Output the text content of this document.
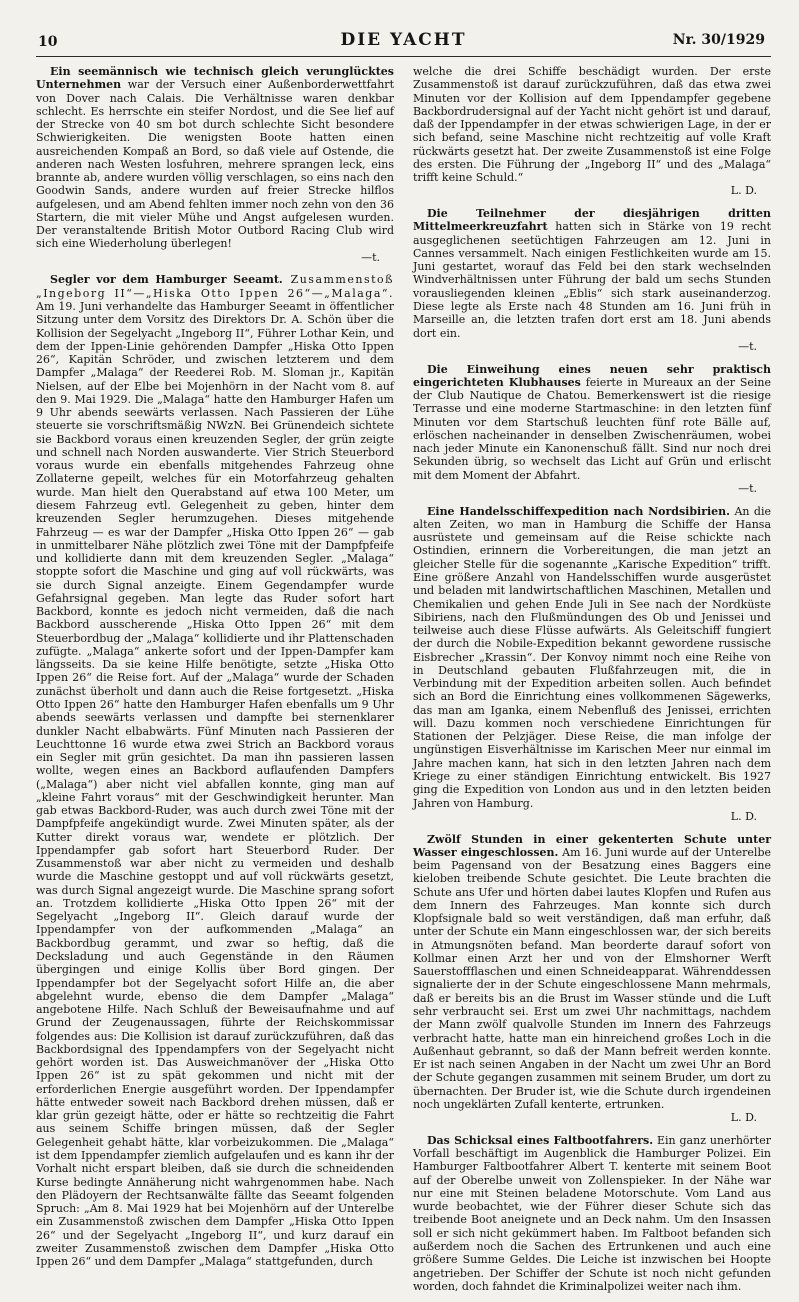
10	DIE YACHT	Nr. 30/1929

Ein seemännisch wie technisch gleich verunglücktes Unternehmen war der Versuch einer Außenborderwettfahrt von Dover nach Calais. Die Verhältnisse waren denkbar schlecht. Es herrschte ein steifer Nordost, und die See lief auf der Strecke von 40 sm bot durch schlechte Sicht besondere Schwierigkeiten. Die wenigsten Boote hatten einen ausreichenden Kompaß an Bord, so daß viele auf Ostende, die anderen nach Westen losfuhren, mehrere sprangen leck, eins brannte ab, andere wurden völlig verschlagen, so eins nach den Goodwin Sands, andere wurden auf freier Strecke hilflos aufgelesen, und am Abend fehlten immer noch zehn von den 36 Startern, die mit vieler Mühe und Angst aufgelesen wurden. Der veranstaltende British Motor Outbord Racing Club wird sich eine Wiederholung überlegen!

—t.

Segler vor dem Hamburger Seeamt. Zusammenstoß „Ingeborg II“—„Hiska Otto Ippen 26“—„Malaga“. Am 19. Juni verhandelte das Hamburger Seeamt in öffentlicher Sitzung unter dem Vorsitz des Direktors Dr. A. Schön über die Kollision der Segelyacht „Ingeborg II“, Führer Lothar Kein, und dem der Ippen-Linie gehörenden Dampfer „Hiska Otto Ippen 26“, Kapitän Schröder, und zwischen letzterem und dem Dampfer „Malaga“ der Reederei Rob. M. Sloman jr., Kapitän Nielsen, auf der Elbe bei Mojenhörn in der Nacht vom 8. auf den 9. Mai 1929. Die „Malaga“ hatte den Hamburger Hafen um 9 Uhr abends seewärts verlassen. Nach Passieren der Lühe steuerte sie vorschriftsmäßig NWzN. Bei Grünendeich sichtete sie Backbord voraus einen kreuzenden Segler, der grün zeigte und schnell nach Norden auswanderte. Vier Strich Steuerbord voraus wurde ein ebenfalls mitgehendes Fahrzeug ohne Zollaterne gepeilt, welches für ein Motorfahrzeug gehalten wurde. Man hielt den Querabstand auf etwa 100 Meter, um diesem Fahrzeug evtl. Gelegenheit zu geben, hinter dem kreuzenden Segler herumzugehen. Dieses mitgehende Fahrzeug — es war der Dampfer „Hiska Otto Ippen 26“ — gab in unmittelbarer Nähe plötzlich zwei Töne mit der Dampfpfeife und kollidierte dann mit dem kreuzenden Segler. „Malaga“ stoppte sofort die Maschine und ging auf voll rückwärts, was sie durch Signal anzeigte. Einem Gegendampfer wurde Gefahrsignal gegeben. Man legte das Ruder sofort hart Backbord, konnte es jedoch nicht vermeiden, daß die nach Backbord ausscherende „Hiska Otto Ippen 26“ mit dem Steuerbordbug der „Malaga“ kollidierte und ihr Plattenschaden zufügte. „Malaga“ ankerte sofort und der Ippen-Dampfer kam längsseits. Da sie keine Hilfe benötigte, setzte „Hiska Otto Ippen 26“ die Reise fort. Auf der „Malaga“ wurde der Schaden zunächst überholt und dann auch die Reise fortgesetzt. „Hiska Otto Ippen 26“ hatte den Hamburger Hafen ebenfalls um 9 Uhr abends seewärts verlassen und dampfte bei sternenklarer dunkler Nacht elbabwärts. Fünf Minuten nach Passieren der Leuchttonne 16 wurde etwa zwei Strich an Backbord voraus ein Segler mit grün gesichtet. Da man ihn passieren lassen wollte, wegen eines an Backbord auflaufenden Dampfers („Malaga“) aber nicht viel abfallen konnte, ging man auf „kleine Fahrt voraus“ mit der Geschwindigkeit herunter. Man gab etwas Backbord-Ruder, was auch durch zwei Töne mit der Dampfpfeife angekündigt wurde. Zwei Minuten später, als der Kutter direkt voraus war, wendete er plötzlich. Der Ippendampfer gab sofort hart Steuerbord Ruder. Der Zusammenstoß war aber nicht zu vermeiden und deshalb wurde die Maschine gestoppt und auf voll rückwärts gesetzt, was durch Signal angezeigt wurde. Die Maschine sprang sofort an. Trotzdem kollidierte „Hiska Otto Ippen 26“ mit der Segelyacht „Ingeborg II“. Gleich darauf wurde der Ippendampfer von der aufkommenden „Malaga“ an Backbordbug gerammt, und zwar so heftig, daß die Decksladung und auch Gegenstände in den Räumen übergingen und einige Kollis über Bord gingen. Der Ippendampfer bot der Segelyacht sofort Hilfe an, die aber abgelehnt wurde, ebenso die dem Dampfer „Malaga“ angebotene Hilfe. Nach Schluß der Beweisaufnahme und auf Grund der Zeugenaussagen, führte der Reichskommissar folgendes aus: Die Kollision ist darauf zurückzuführen, daß das Backbordsignal des Ippendampfers von der Segelyacht nicht gehört worden ist. Das Ausweichmanöver der „Hiska Otto Ippen 26“ ist zu spät gekommen und nicht mit der erforderlichen Energie ausgeführt worden. Der Ippendampfer hätte entweder soweit nach Backbord drehen müssen, daß er klar grün gezeigt hätte, oder er hätte so rechtzeitig die Fahrt aus seinem Schiffe bringen müssen, daß der Segler Gelegenheit gehabt hätte, klar vorbeizukommen. Die „Malaga“ ist dem Ippendampfer ziemlich aufgelaufen und es kann ihr der Vorhalt nicht erspart bleiben, daß sie durch die schneidenden Kurse bedingte Annäherung nicht wahrgenommen habe. Nach den Plädoyern der Rechtsanwälte fällte das Seeamt folgenden Spruch: „Am 8. Mai 1929 hat bei Mojenhörn auf der Unterelbe ein Zusammenstoß zwischen dem Dampfer „Hiska Otto Ippen 26“ und der Segelyacht „Ingeborg II“, und kurz darauf ein zweiter Zusammenstoß zwischen dem Dampfer „Hiska Otto Ippen 26“ und dem Dampfer „Malaga“ stattgefunden, durch

welche die drei Schiffe beschädigt wurden. Der erste Zusammenstoß ist darauf zurückzuführen, daß das etwa zwei Minuten vor der Kollision auf dem Ippendampfer gegebene Backbordrudersignal auf der Yacht nicht gehört ist und darauf, daß der Ippendampfer in der etwas schwierigen Lage, in der er sich befand, seine Maschine nicht rechtzeitig auf volle Kraft rückwärts gesetzt hat. Der zweite Zusammenstoß ist eine Folge des ersten. Die Führung der „Ingeborg II“ und des „Malaga“ trifft keine Schuld.“

L. D.

Die Teilnehmer der diesjährigen dritten Mittelmeerkreuzfahrt hatten sich in Stärke von 19 recht ausgeglichenen seetüchtigen Fahrzeugen am 12. Juni in Cannes versammelt. Nach einigen Festlichkeiten wurde am 15. Juni gestartet, worauf das Feld bei den stark wechselnden Windverhältnissen unter Führung der bald um sechs Stunden vorausliegenden kleinen „Eblis“ sich stark auseinanderzog. Diese legte als Erste nach 48 Stunden am 16. Juni früh in Marseille an, die letzten trafen dort erst am 18. Juni abends dort ein.

—t.

Die Einweihung eines neuen sehr praktisch eingerichteten Klubhauses feierte in Mureaux an der Seine der Club Nautique de Chatou. Bemerkenswert ist die riesige Terrasse und eine moderne Startmaschine: in den letzten fünf Minuten vor dem Startschuß leuchten fünf rote Bälle auf, erlöschen nacheinander in denselben Zwischenräumen, wobei nach jeder Minute ein Kanonenschuß fällt. Sind nur noch drei Sekunden übrig, so wechselt das Licht auf Grün und erlischt mit dem Moment der Abfahrt.

—t.

Eine Handelsschiffexpedition nach Nordsibirien. An die alten Zeiten, wo man in Hamburg die Schiffe der Hansa ausrüstete und gemeinsam auf die Reise schickte nach Ostindien, erinnern die Vorbereitungen, die man jetzt an gleicher Stelle für die sogenannte „Karische Expedition“ trifft. Eine größere Anzahl von Handelsschiffen wurde ausgerüstet und beladen mit landwirtschaftlichen Maschinen, Metallen und Chemikalien und gehen Ende Juli in See nach der Nordküste Sibiriens, nach den Flußmündungen des Ob und Jenissei und teilweise auch diese Flüsse aufwärts. Als Geleitschiff fungiert der durch die Nobile-Expedition bekannt gewordene russische Eisbrecher „Krassin“. Der Konvoy nimmt noch eine Reihe von in Deutschland gebauten Flußfahrzeugen mit, die in Verbindung mit der Expedition arbeiten sollen. Auch befindet sich an Bord die Einrichtung eines vollkommenen Sägewerks, das man am Iganka, einem Nebenfluß des Jenissei, errichten will. Dazu kommen noch verschiedene Einrichtungen für Stationen der Pelzjäger. Diese Reise, die man infolge der ungünstigen Eisverhältnisse im Karischen Meer nur einmal im Jahre machen kann, hat sich in den letzten Jahren nach dem Kriege zu einer ständigen Einrichtung entwickelt. Bis 1927 ging die Expedition von London aus und in den letzten beiden Jahren von Hamburg.

L. D.

Zwölf Stunden in einer gekenterten Schute unter Wasser eingeschlossen. Am 16. Juni wurde auf der Unterelbe beim Pagensand von der Besatzung eines Baggers eine kieloben treibende Schute gesichtet. Die Leute brachten die Schute ans Ufer und hörten dabei lautes Klopfen und Rufen aus dem Innern des Fahrzeuges. Man konnte sich durch Klopfsignale bald so weit verständigen, daß man erfuhr, daß unter der Schute ein Mann eingeschlossen war, der sich bereits in Atmungsnöten befand. Man beorderte darauf sofort von Kollmar einen Arzt her und von der Elmshorner Werft Sauerstoffflaschen und einen Schneideapparat. Währenddessen signalierte der in der Schute eingeschlossene Mann mehrmals, daß er bereits bis an die Brust im Wasser stünde und die Luft sehr verbraucht sei. Erst um zwei Uhr nachmittags, nachdem der Mann zwölf qualvolle Stunden im Innern des Fahrzeugs verbracht hatte, hatte man ein hinreichend großes Loch in die Außenhaut gebrannt, so daß der Mann befreit werden konnte. Er ist nach seinen Angaben in der Nacht um zwei Uhr an Bord der Schute gegangen zusammen mit seinem Bruder, um dort zu übernachten. Der Bruder ist, wie die Schute durch irgendeinen noch ungeklärten Zufall kenterte, ertrunken.

L. D.

Das Schicksal eines Faltbootfahrers. Ein ganz unerhörter Vorfall beschäftigt im Augenblick die Hamburger Polizei. Ein Hamburger Faltbootfahrer Albert T. kenterte mit seinem Boot auf der Oberelbe unweit von Zollenspieker. In der Nähe war nur eine mit Steinen beladene Motorschute. Vom Land aus wurde beobachtet, wie der Führer dieser Schute sich das treibende Boot aneignete und an Deck nahm. Um den Insassen soll er sich nicht gekümmert haben. Im Faltboot befanden sich außerdem noch die Sachen des Ertrunkenen und auch eine größere Summe Geldes. Die Leiche ist inzwischen bei Hoopte angetrieben. Der Schiffer der Schute ist noch nicht gefunden worden, doch fahndet die Kriminalpolizei weiter nach ihm.
